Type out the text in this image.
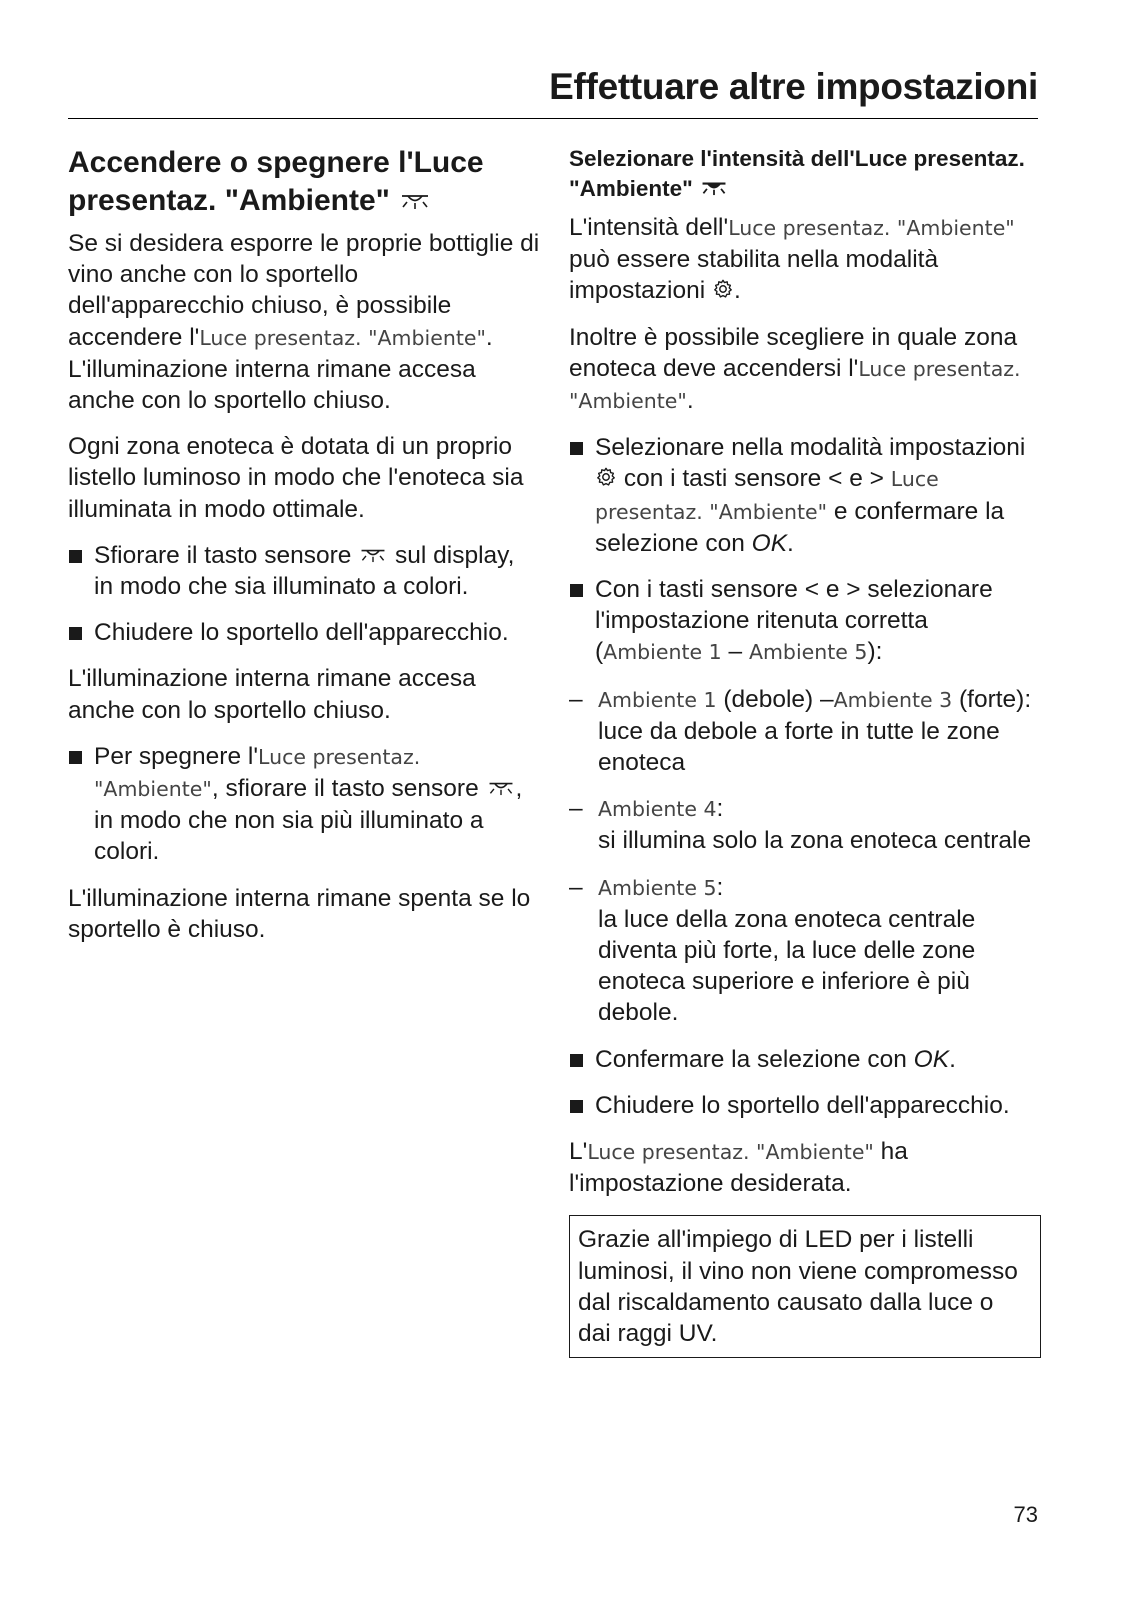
Effettuare altre impostazioni
Accendere o spegnere l'Luce
presentaz. "Ambiente"

Se si desidera esporre le proprie bottiglie di vino anche con lo sportello dell'apparecchio chiuso, è possibile accendere l'Luce presentaz. "Ambiente". L'illuminazione interna rimane accesa anche con lo sportello chiuso.

Ogni zona enoteca è dotata di un proprio listello luminoso in modo che l'enoteca sia illuminata in modo ottimale.

Sfiorare il tasto sensore sul display, in modo che sia illuminato a colori.
Chiudere lo sportello dell'apparecchio.

L'illuminazione interna rimane accesa anche con lo sportello chiuso.

Per spegnere l'Luce presentaz. "Ambiente", sfiorare il tasto sensore , in modo che non sia più illuminato a colori.

L'illuminazione interna rimane spenta se lo sportello è chiuso.

Selezionare l'intensità dell'Luce presentaz. "Ambiente"

L'intensità dell'Luce presentaz. "Ambiente" può essere stabilita nella modalità impostazioni .

Inoltre è possibile scegliere in quale zona enoteca deve accendersi l'Luce presentaz. "Ambiente".

Selezionare nella modalità impostazioni  con i tasti sensore < e > Luce presentaz. "Ambiente" e confermare la selezione con OK.
Con i tasti sensore < e > selezionare l'impostazione ritenuta corretta (Ambiente 1 – Ambiente 5):
– Ambiente 1 (debole) –Ambiente 3 (forte): luce da debole a forte in tutte le zone enoteca
– Ambiente 4:
si illumina solo la zona enoteca centrale
– Ambiente 5:
la luce della zona enoteca centrale diventa più forte, la luce delle zone enoteca superiore e inferiore è più debole.
Confermare la selezione con OK.
Chiudere lo sportello dell'apparecchio.

L'Luce presentaz. "Ambiente" ha l'impostazione desiderata.

Grazie all'impiego di LED per i listelli luminosi, il vino non viene compromesso dal riscaldamento causato dalla luce o dai raggi UV.
73
